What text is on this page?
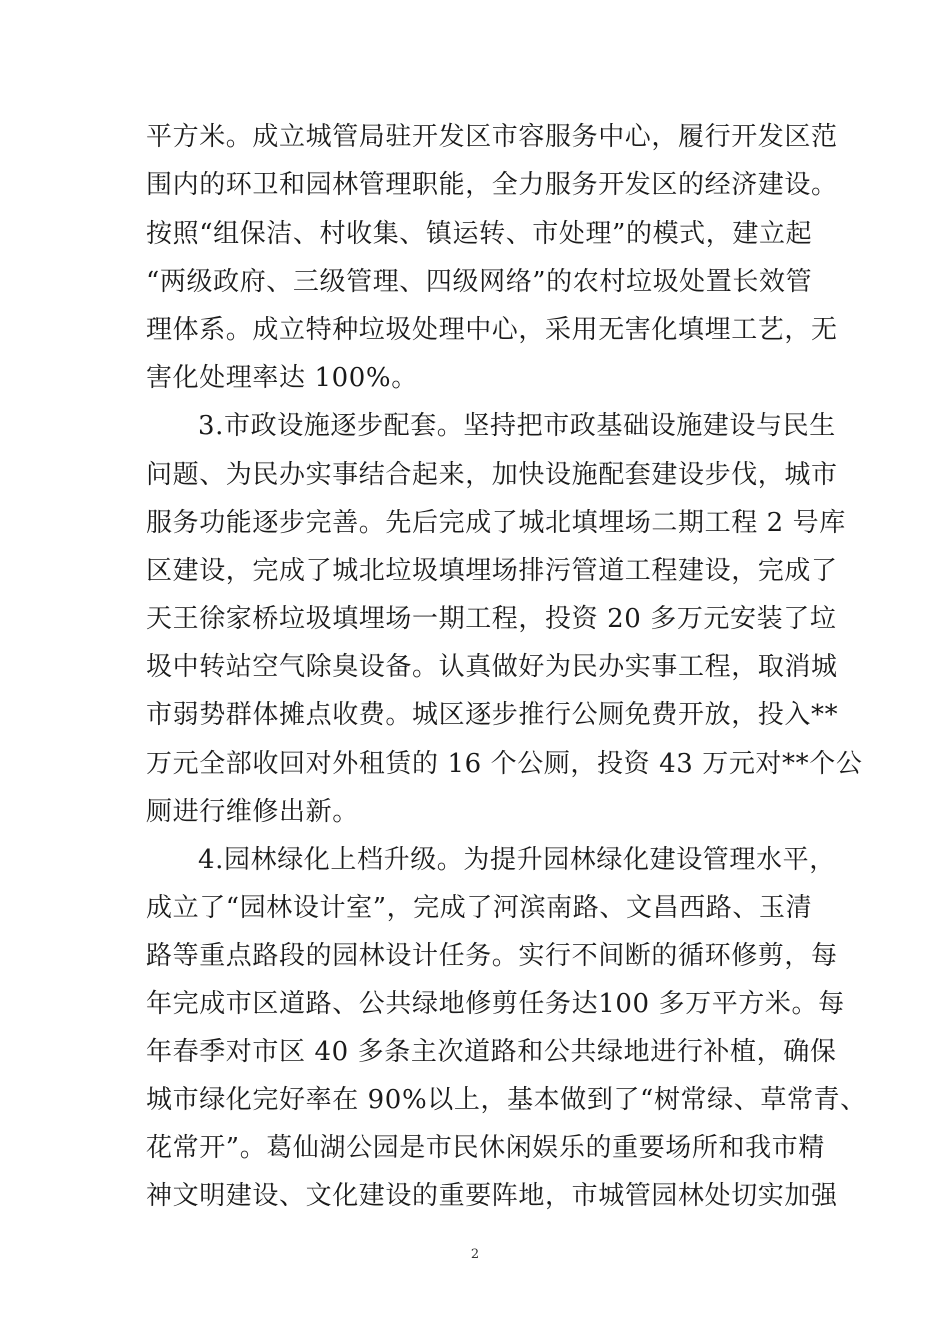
平方米。成立城管局驻开发区市容服务中心，履行开发区范
围内的环卫和园林管理职能，全力服务开发区的经济建设。
按照“组保洁、村收集、镇运转、市处理”的模式，建立起
“两级政府、三级管理、四级网络”的农村垃圾处置长效管
理体系。成立特种垃圾处理中心，采用无害化填埋工艺，无
害化处理率达 100%。
3.市政设施逐步配套。坚持把市政基础设施建设与民生
问题、为民办实事结合起来，加快设施配套建设步伐，城市
服务功能逐步完善。先后完成了城北填埋场二期工程 2 号库
区建设，完成了城北垃圾填埋场排污管道工程建设，完成了
天王徐家桥垃圾填埋场一期工程，投资 20 多万元安装了垃
圾中转站空气除臭设备。认真做好为民办实事工程，取消城
市弱势群体摊点收费。城区逐步推行公厕免费开放，投入**
万元全部收回对外租赁的 16 个公厕，投资 43 万元对**个公
厕进行维修出新。
4.园林绿化上档升级。为提升园林绿化建设管理水平，
成立了“园林设计室”，完成了河滨南路、文昌西路、玉清
路等重点路段的园林设计任务。实行不间断的循环修剪，每
年完成市区道路、公共绿地修剪任务达100 多万平方米。每
年春季对市区 40 多条主次道路和公共绿地进行补植，确保
城市绿化完好率在 90%以上，基本做到了“树常绿、草常青、
花常开”。葛仙湖公园是市民休闲娱乐的重要场所和我市精
神文明建设、文化建设的重要阵地，市城管园林处切实加强
2
